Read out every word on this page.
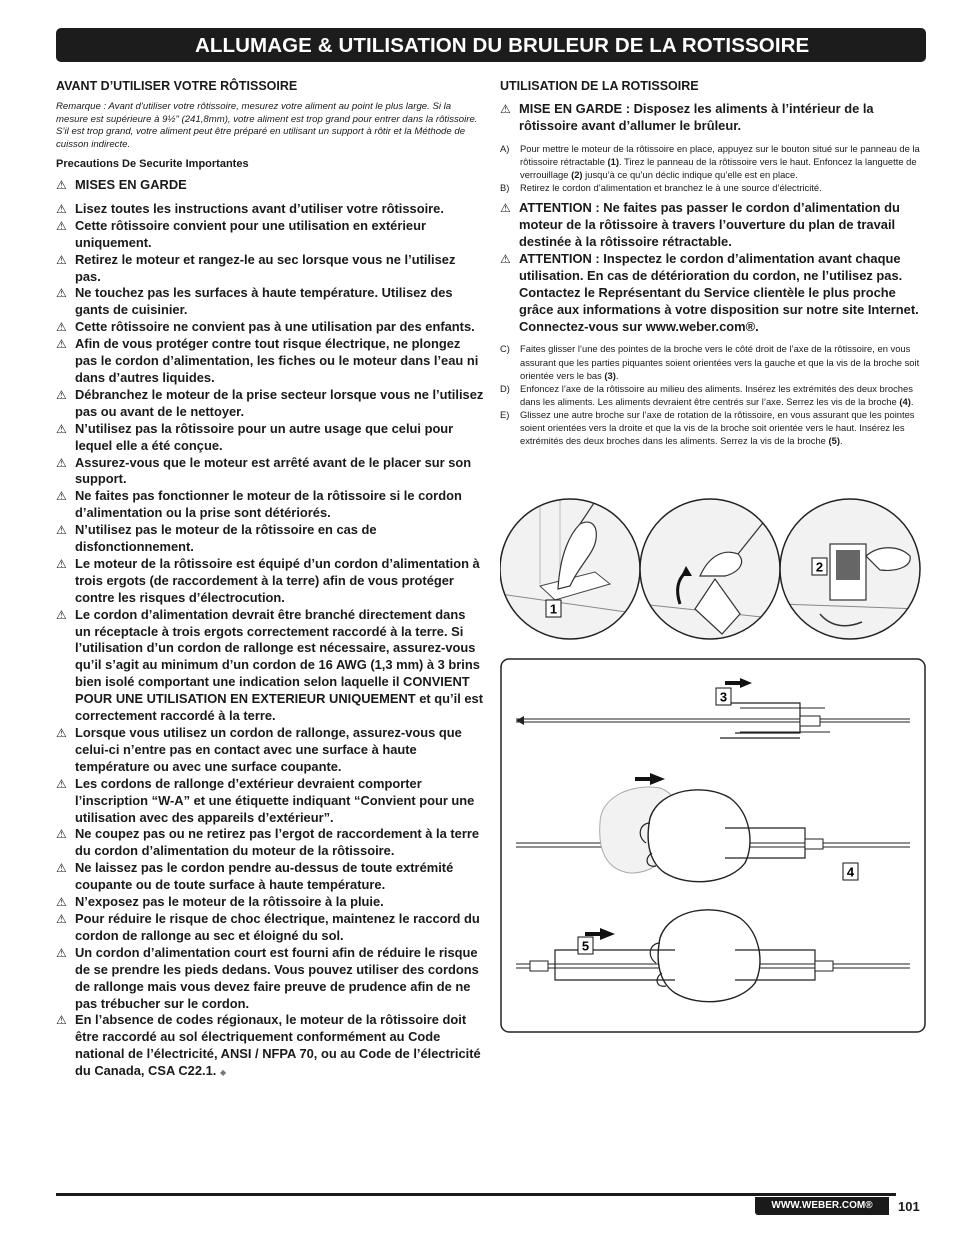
ALLUMAGE & UTILISATION DU BRULEUR DE LA ROTISSOIRE
AVANT D’UTILISER VOTRE RÔTISSOIRE

Remarque : Avant d’utiliser votre rôtissoire, mesurez votre aliment au point le plus large. Si la mesure est supérieure à 9½" (241,8mm), votre aliment est trop grand pour entrer dans la rôtissoire. S’il est trop grand, votre aliment peut être préparé en utilisant un support à rôtir et la Méthode de cuisson indirecte.

Precautions De Securite Importantes

⚠ MISES EN GARDE
⚠ Lisez toutes les instructions avant d’utiliser votre rôtissoire.
⚠ Cette rôtissoire convient pour une utilisation en extérieur uniquement.
⚠ Retirez le moteur et rangez-le au sec lorsque vous ne l’utilisez pas.
⚠ Ne touchez pas les surfaces à haute température. Utilisez des gants de cuisinier.
⚠ Cette rôtissoire ne convient pas à une utilisation par des enfants.
⚠ Afin de vous protéger contre tout risque électrique, ne plongez pas le cordon d’alimentation, les fiches ou le moteur dans l’eau ni dans d’autres liquides.
⚠ Débranchez le moteur de la prise secteur lorsque vous ne l’utilisez pas ou avant de le nettoyer.
⚠ N’utilisez pas la rôtissoire pour un autre usage que celui pour lequel elle a été conçue.
⚠ Assurez-vous que le moteur est arrêté avant de le placer sur son support.
⚠ Ne faites pas fonctionner le moteur de la rôtissoire si le cordon d’alimentation ou la prise sont détériorés.
⚠ N’utilisez pas le moteur de la rôtissoire en cas de disfonctionnement.
⚠ Le moteur de la rôtissoire est équipé d’un cordon d’alimentation à trois ergots (de raccordement à la terre) afin de vous protéger contre les risques d’électrocution.
⚠ Le cordon d’alimentation devrait être branché directement dans un réceptacle à trois ergots correctement raccordé à la terre. Si l’utilisation d’un cordon de rallonge est nécessaire, assurez-vous qu’il s’agit au minimum d’un cordon de 16 AWG (1,3 mm) à 3 brins bien isolé comportant une indication selon laquelle il CONVIENT POUR UNE UTILISATION EN EXTERIEUR UNIQUEMENT et qu’il est correctement raccordé à la terre.
⚠ Lorsque vous utilisez un cordon de rallonge, assurez-vous que celui-ci n’entre pas en contact avec une surface à haute température ou avec une surface coupante.
⚠ Les cordons de rallonge d’extérieur devraient comporter l’inscription “W-A” et une étiquette indiquant “Convient pour une utilisation avec des appareils d’extérieur”.
⚠ Ne coupez pas ou ne retirez pas l’ergot de raccordement à la terre du cordon d’alimentation du moteur de la rôtissoire.
⚠ Ne laissez pas le cordon pendre au-dessus de toute extrémité coupante ou de toute surface à haute température.
⚠ N’exposez pas le moteur de la rôtissoire à la pluie.
⚠ Pour réduire le risque de choc électrique, maintenez le raccord du cordon de rallonge au sec et éloigné du sol.
⚠ Un cordon d’alimentation court est fourni afin de réduire le risque de se prendre les pieds dedans. Vous pouvez utiliser des cordons de rallonge mais vous devez faire preuve de prudence afin de ne pas trébucher sur le cordon.
⚠ En l’absence de codes régionaux, le moteur de la rôtissoire doit être raccordé au sol électriquement conformément au Code national de l’électricité, ANSI / NFPA 70, ou au Code de l’électricité du Canada, CSA C22.1. ◆
UTILISATION DE LA ROTISSOIRE
⚠ MISE EN GARDE : Disposez les aliments à l’intérieur de la rôtissoire avant d’allumer le brûleur.
A)	Pour mettre le moteur de la rôtissoire en place, appuyez sur le bouton situé sur le panneau de la rôtissoire rétractable (1). Tirez le panneau de la rôtissoire vers le haut. Enfoncez la languette de verrouillage (2) jusqu’à ce qu’un déclic indique qu’elle est en place.
B)	Retirez le cordon d’alimentation et branchez le à une source d’électricité.
⚠ ATTENTION : Ne faites pas passer le cordon d’alimentation du moteur de la rôtissoire à travers l’ouverture du plan de travail destinée à la rôtissoire rétractable.
⚠ ATTENTION : Inspectez le cordon d’alimentation avant chaque utilisation. En cas de détérioration du cordon, ne l’utilisez pas. Contactez le Représentant du Service clientèle le plus proche grâce aux informations à votre disposition sur notre site Internet. Connectez-vous sur www.weber.com®.
C)	Faites glisser l’une des pointes de la broche vers le côté droit de l’axe de la rôtissoire, en vous assurant que les parties piquantes soient orientées vers la gauche et que la vis de la broche soit orientée vers le bas (3).
D)	Enfoncez l’axe de la rôtissoire au milieu des aliments. Insérez les extrémités des deux broches dans les aliments. Les aliments devraient être centrés sur l’axe. Serrez les vis de la broche (4).
E)	Glissez une autre broche sur l’axe de rotation de la rôtissoire, en vous assurant que les pointes soient orientées vers la droite et que la vis de la broche soit orientée vers le haut. Insérez les extrémités des deux broches dans les aliments. Serrez la vis de la broche (5).
1
2
3
4
5
WWW.WEBER.COM®	101
